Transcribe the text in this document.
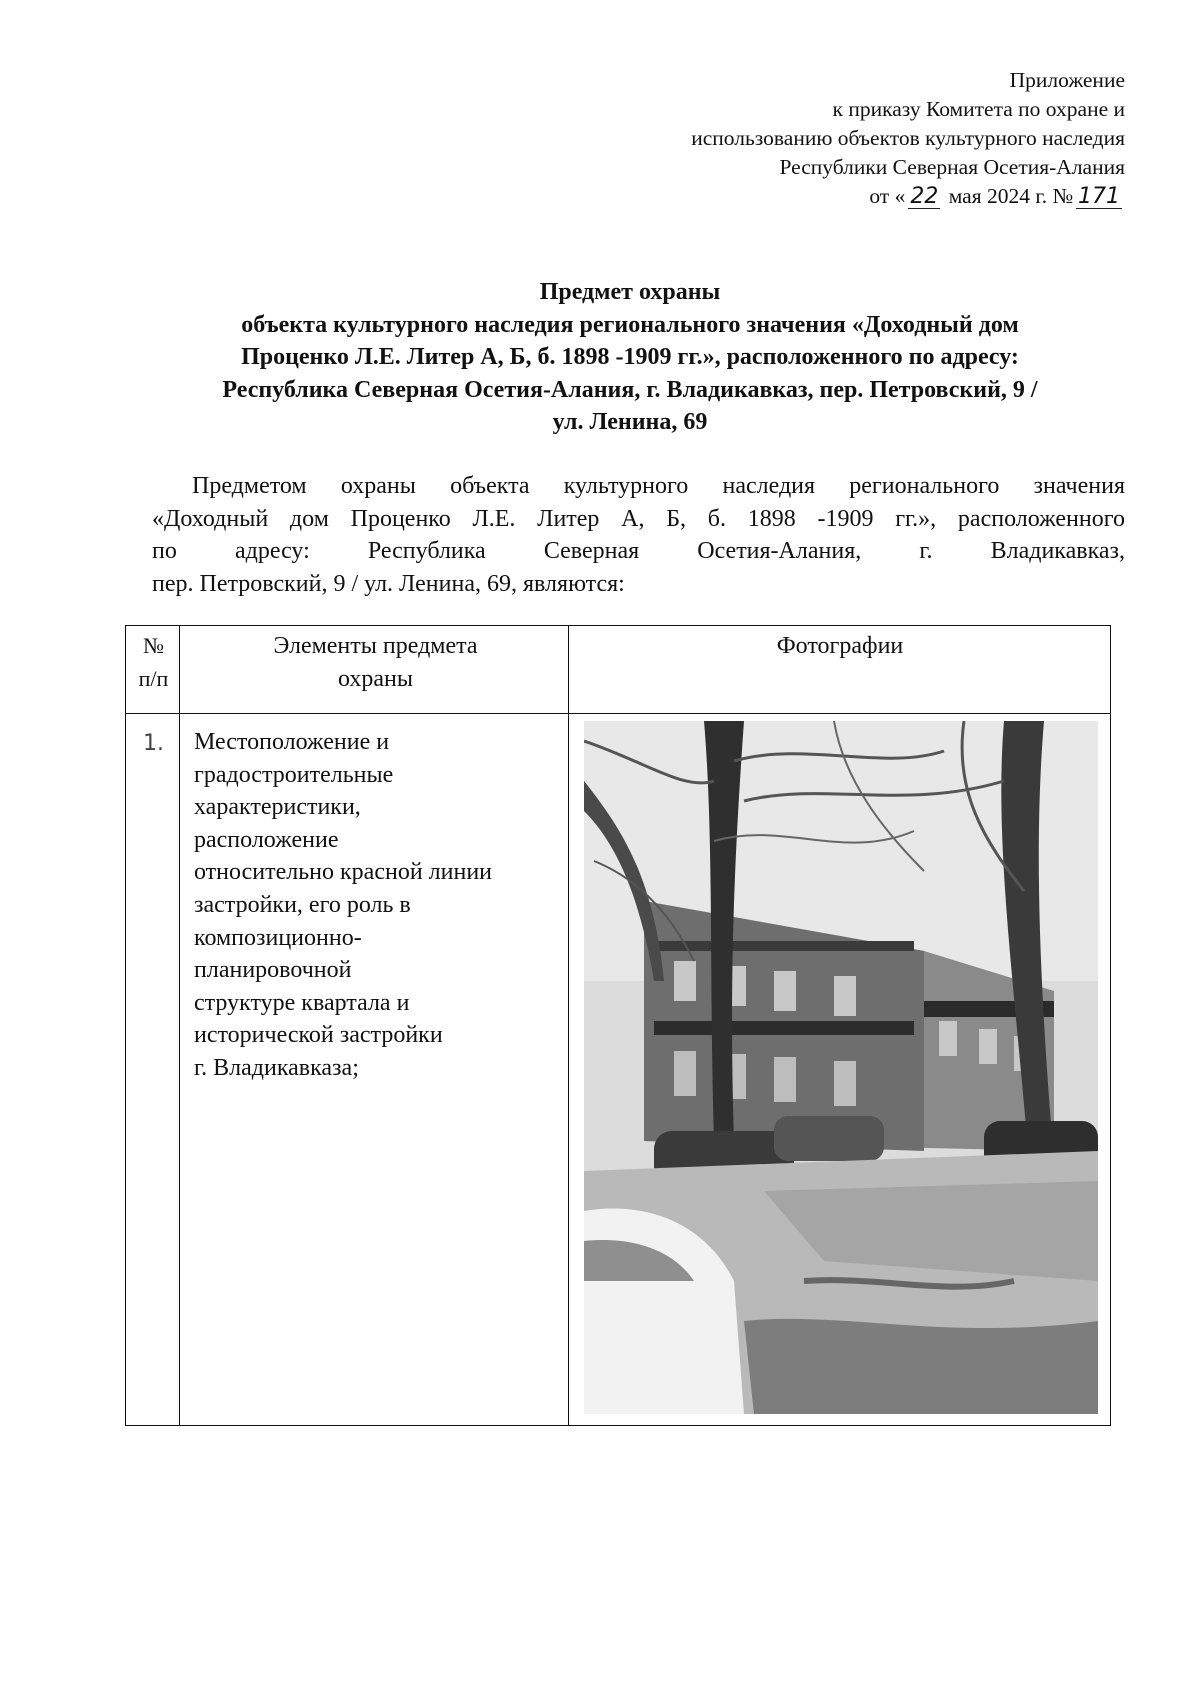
Приложение
к приказу Комитета по охране и
использованию объектов культурного наследия
Республики Северная Осетия-Алания
от « 22 мая 2024 г. № 171
Предмет охраны
объекта культурного наследия регионального значения «Доходный дом
Проценко Л.Е. Литер А, Б, б. 1898 -1909 гг.», расположенного по адресу:
Республика Северная Осетия-Алания, г. Владикавказ, пер. Петровский, 9 /
ул. Ленина, 69
Предметом охраны объекта культурного наследия регионального значения
«Доходный дом Проценко Л.Е. Литер А, Б, б. 1898 -1909 гг.», расположенного
по адресу: Республика Северная Осетия-Алания, г. Владикавказ,
пер. Петровский, 9 / ул. Ленина, 69, являются:
№
п/п
Элементы предмета
охраны
Фотографии
1.	Местоположение и
градостроительные
характеристики,
расположение
относительно красной линии
застройки, его роль в
композиционно-
планировочной
структуре квартала и
исторической застройки
г. Владикавказа;
